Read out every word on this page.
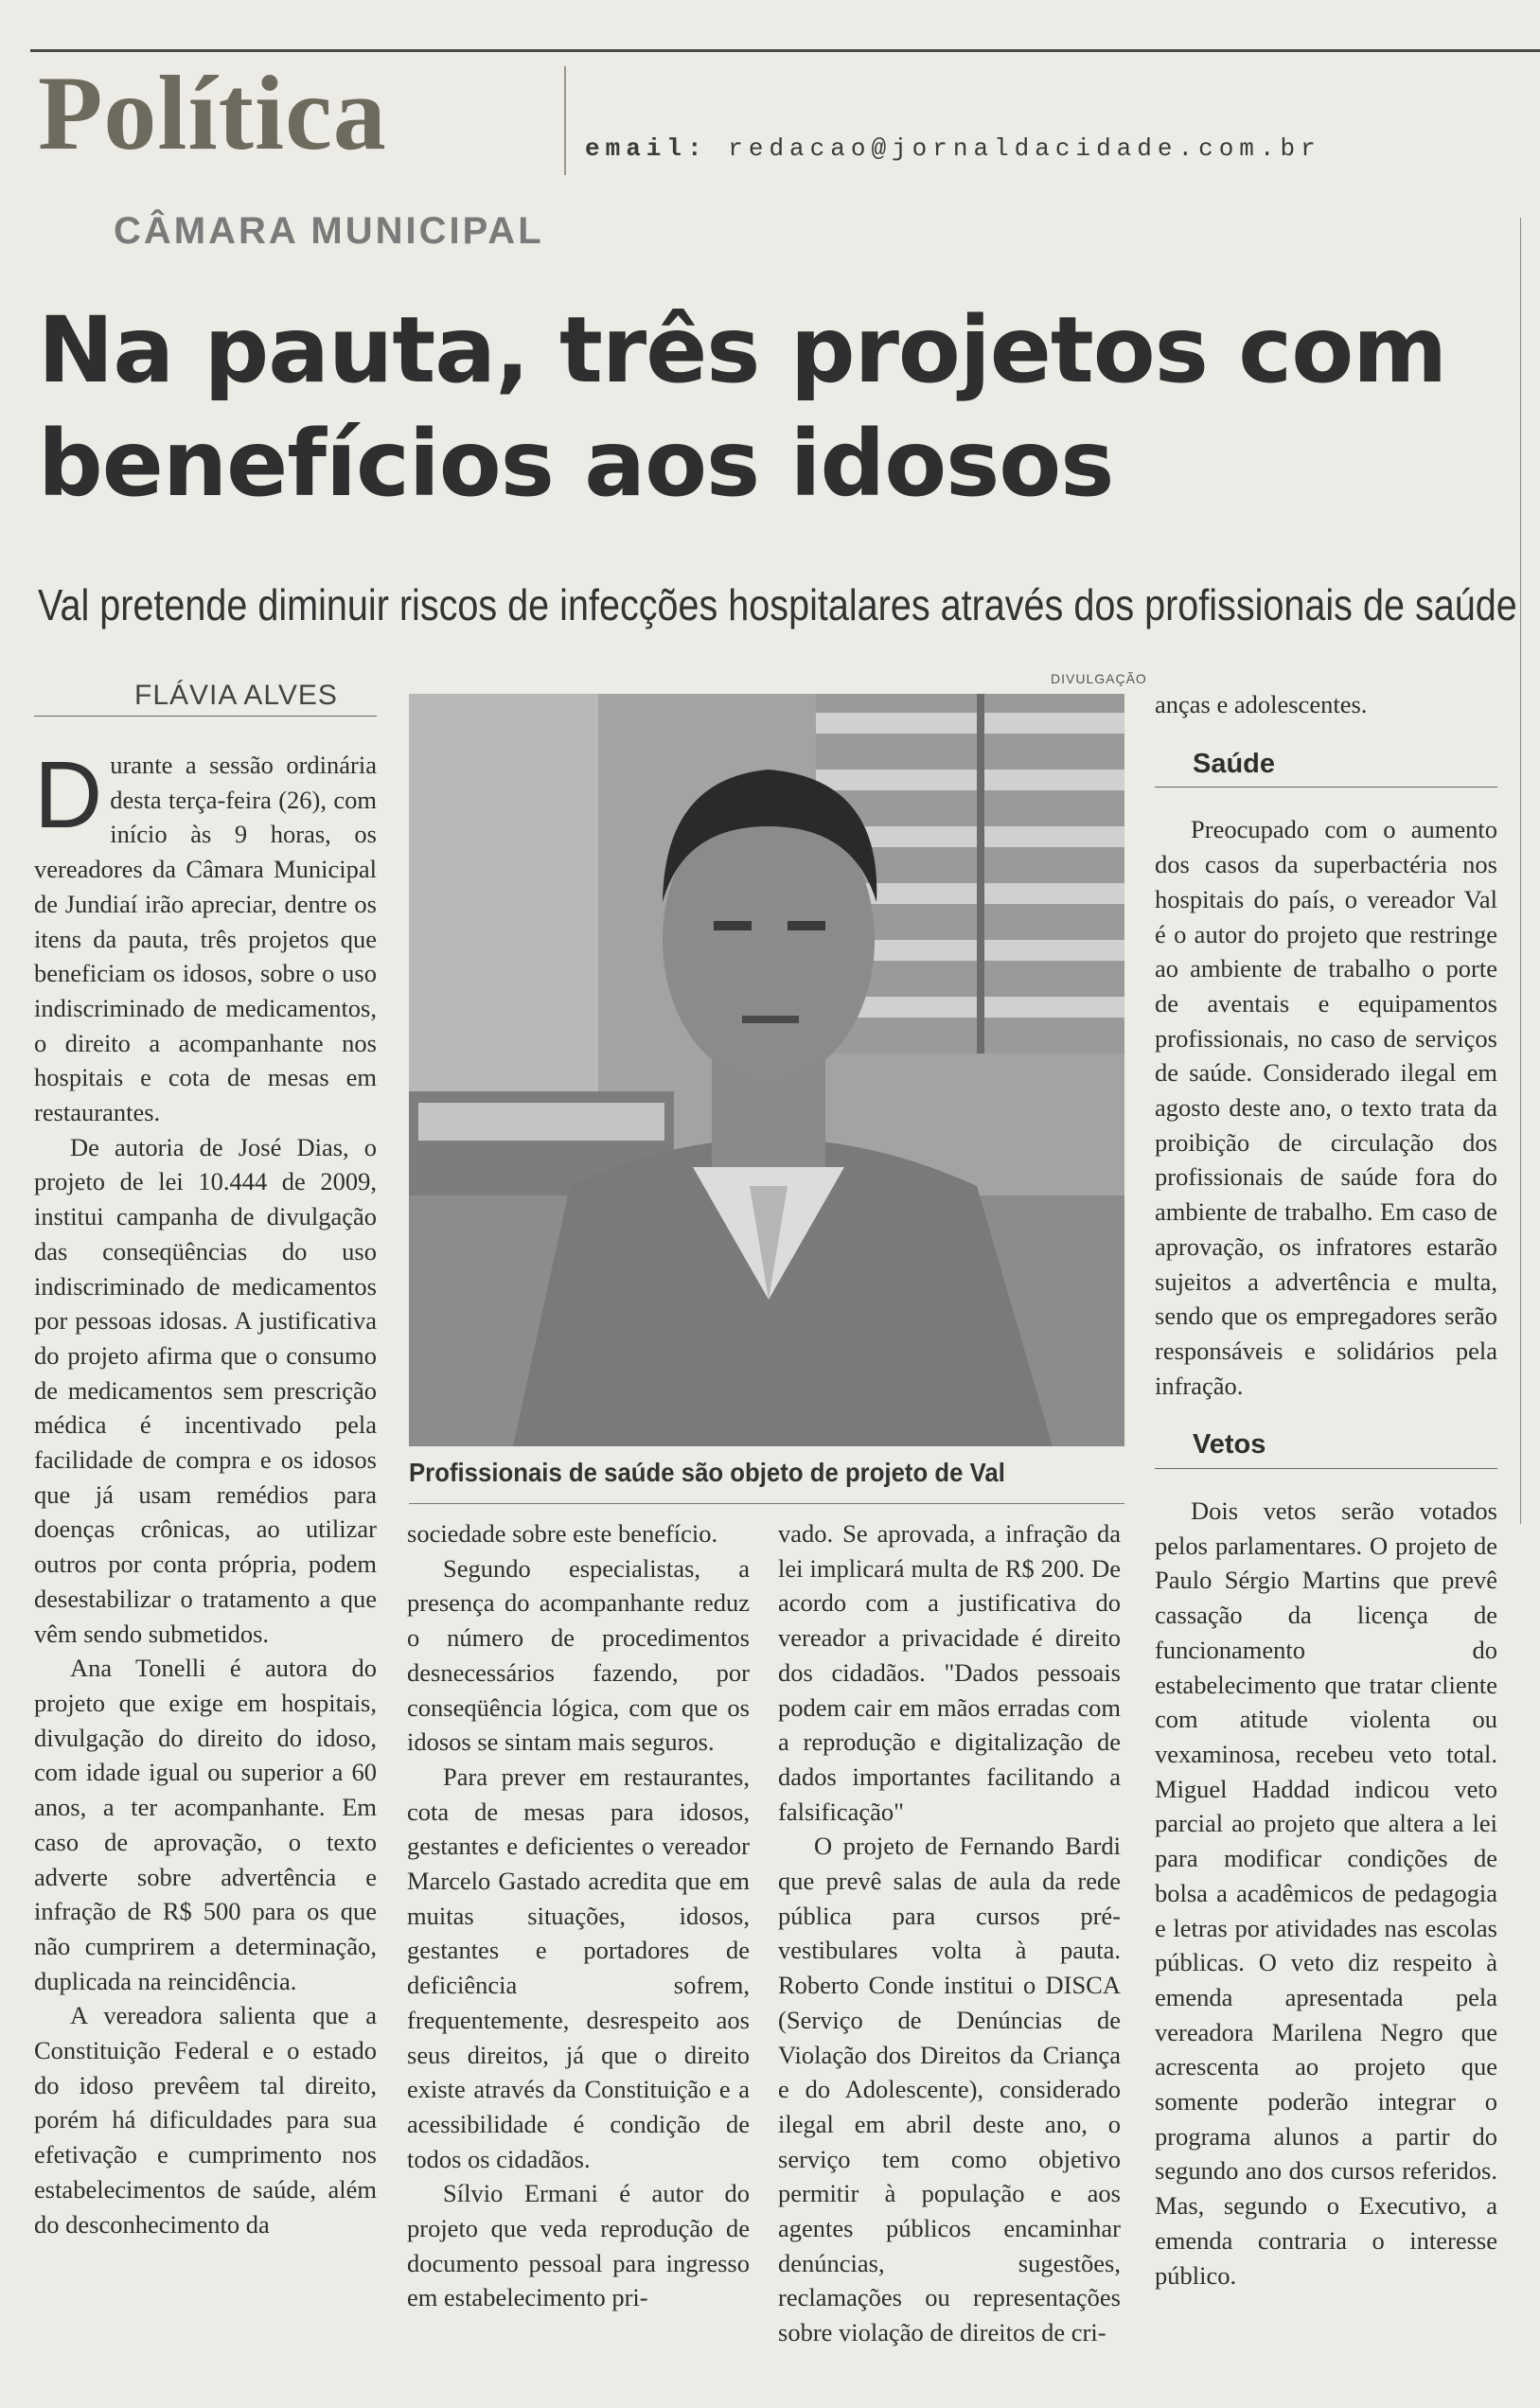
Política	email: redacao@jornaldacidade.com.br
CÂMARA MUNICIPAL
Na pauta, três projetos com benefícios aos idosos

Val pretende diminuir riscos de infecções hospitalares através dos profissionais de saúde

FLÁVIA ALVES

DIVULGAÇÃO

Profissionais de saúde são objeto de projeto de Val

Durante a sessão ordinária desta terça-feira (26), com início às 9 horas, os vereadores da Câmara Municipal de Jundiaí irão apreciar, dentre os itens da pauta, três projetos que beneficiam os idosos, sobre o uso indiscriminado de medicamentos, o direito a acompanhante nos hospitais e cota de mesas em restaurantes.

De autoria de José Dias, o projeto de lei 10.444 de 2009, institui campanha de divulgação das conseqüências do uso indiscriminado de medicamentos por pessoas idosas. A justificativa do projeto afirma que o consumo de medicamentos sem prescrição médica é incentivado pela facilidade de compra e os idosos que já usam remédios para doenças crônicas, ao utilizar outros por conta própria, podem desestabilizar o tratamento a que vêm sendo submetidos.

Ana Tonelli é autora do projeto que exige em hospitais, divulgação do direito do idoso, com idade igual ou superior a 60 anos, a ter acompanhante. Em caso de aprovação, o texto adverte sobre advertência e infração de R$ 500 para os que não cumprirem a determinação, duplicada na reincidência.

A vereadora salienta que a Constituição Federal e o estado do idoso prevêem tal direito, porém há dificuldades para sua efetivação e cumprimento nos estabelecimentos de saúde, além do desconhecimento da

sociedade sobre este benefício.

Segundo especialistas, a presença do acompanhante reduz o número de procedimentos desnecessários fazendo, por conseqüência lógica, com que os idosos se sintam mais seguros.

Para prever em restaurantes, cota de mesas para idosos, gestantes e deficientes o vereador Marcelo Gastado acredita que em muitas situações, idosos, gestantes e portadores de deficiência sofrem, frequentemente, desrespeito aos seus direitos, já que o direito existe através da Constituição e a acessibilidade é condição de todos os cidadãos.

Sílvio Ermani é autor do projeto que veda reprodução de documento pessoal para ingresso em estabelecimento pri-

vado. Se aprovada, a infração da lei implicará multa de R$ 200. De acordo com a justificativa do vereador a privacidade é direito dos cidadãos. "Dados pessoais podem cair em mãos erradas com a reprodução e digitalização de dados importantes facilitando a falsificação"

O projeto de Fernando Bardi que prevê salas de aula da rede pública para cursos pré-vestibulares volta à pauta. Roberto Conde institui o DISCA (Serviço de Denúncias de Violação dos Direitos da Criança e do Adolescente), considerado ilegal em abril deste ano, o serviço tem como objetivo permitir à população e aos agentes públicos encaminhar denúncias, sugestões, reclamações ou representações sobre violação de direitos de cri-

anças e adolescentes.

Saúde

Preocupado com o aumento dos casos da superbactéria nos hospitais do país, o vereador Val é o autor do projeto que restringe ao ambiente de trabalho o porte de aventais e equipamentos profissionais, no caso de serviços de saúde. Considerado ilegal em agosto deste ano, o texto trata da proibição de circulação dos profissionais de saúde fora do ambiente de trabalho. Em caso de aprovação, os infratores estarão sujeitos a advertência e multa, sendo que os empregadores serão responsáveis e solidários pela infração.

Vetos

Dois vetos serão votados pelos parlamentares. O projeto de Paulo Sérgio Martins que prevê cassação da licença de funcionamento do estabelecimento que tratar cliente com atitude violenta ou vexaminosa, recebeu veto total. Miguel Haddad indicou veto parcial ao projeto que altera a lei para modificar condições de bolsa a acadêmicos de pedagogia e letras por atividades nas escolas públicas. O veto diz respeito à emenda apresentada pela vereadora Marilena Negro que acrescenta ao projeto que somente poderão integrar o programa alunos a partir do segundo ano dos cursos referidos. Mas, segundo o Executivo, a emenda contraria o interesse público.
